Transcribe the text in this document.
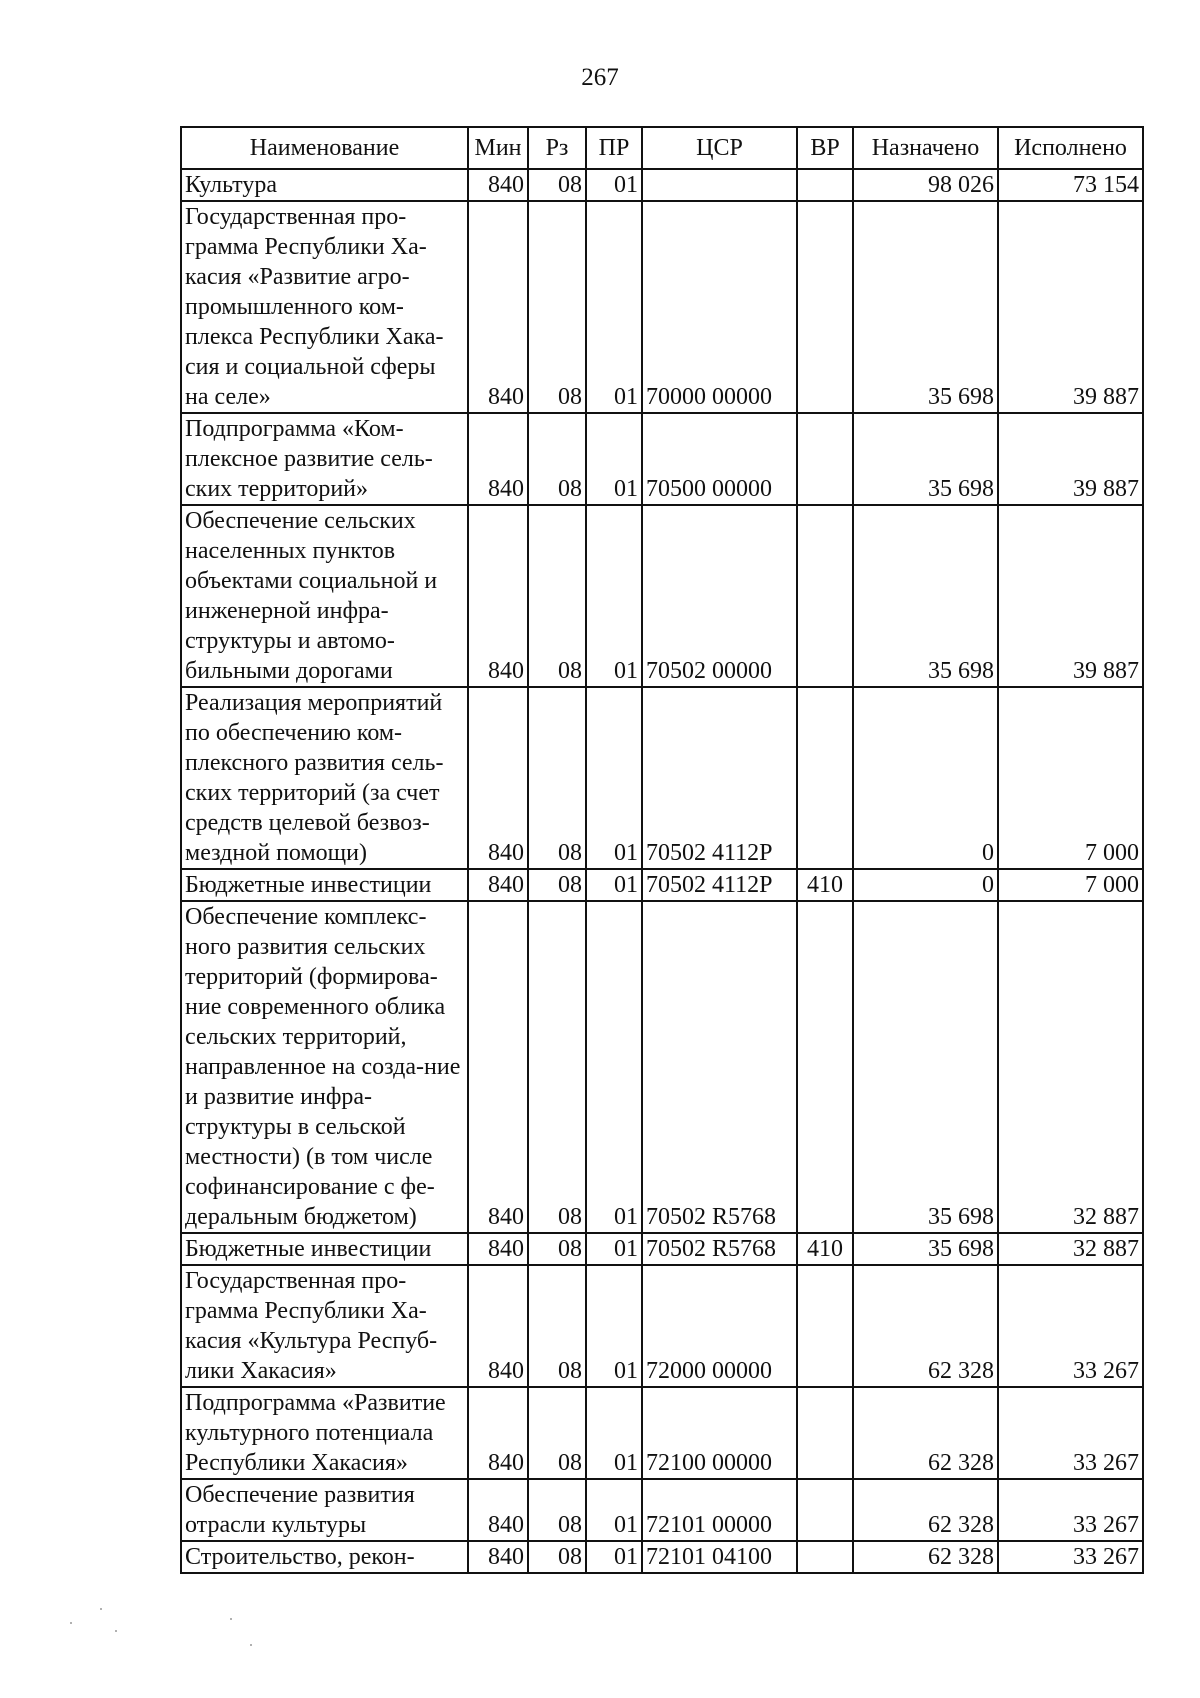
267
Наименование	Мин	Рз	ПР	ЦСР	ВР	Назначено	Исполнено
Культура	840	08	01			98 026	73 154
Государственная про-грамма Республики Ха-касия «Развитие агро-промышленного ком-плекса Республики Хака-сия и социальной сферы на селе»	840	08	01	70000 00000		35 698	39 887
Подпрограмма «Ком-плексное развитие сель-ских территорий»	840	08	01	70500 00000		35 698	39 887
Обеспечение сельских населенных пунктов объектами социальной и инженерной инфра-структуры и автомо-бильными дорогами	840	08	01	70502 00000		35 698	39 887
Реализация мероприятий по обеспечению ком-плексного развития сель-ских территорий (за счет средств целевой безвоз-мездной помощи)	840	08	01	70502 4112Р		0	7 000
Бюджетные инвестиции	840	08	01	70502 4112Р	410	0	7 000
Обеспечение комплекс-ного развития сельских территорий (формирова-ние современного облика сельских территорий, направленное на созда-ние и развитие инфра-структуры в сельской местности) (в том числе софинансирование с фе-деральным бюджетом)	840	08	01	70502 R5768		35 698	32 887
Бюджетные инвестиции	840	08	01	70502 R5768	410	35 698	32 887
Государственная про-грамма Республики Ха-касия «Культура Респуб-лики Хакасия»	840	08	01	72000 00000		62 328	33 267
Подпрограмма «Развитие культурного потенциала Республики Хакасия»	840	08	01	72100 00000		62 328	33 267
Обеспечение развития отрасли культуры	840	08	01	72101 00000		62 328	33 267
Строительство, рекон-	840	08	01	72101 04100		62 328	33 267
